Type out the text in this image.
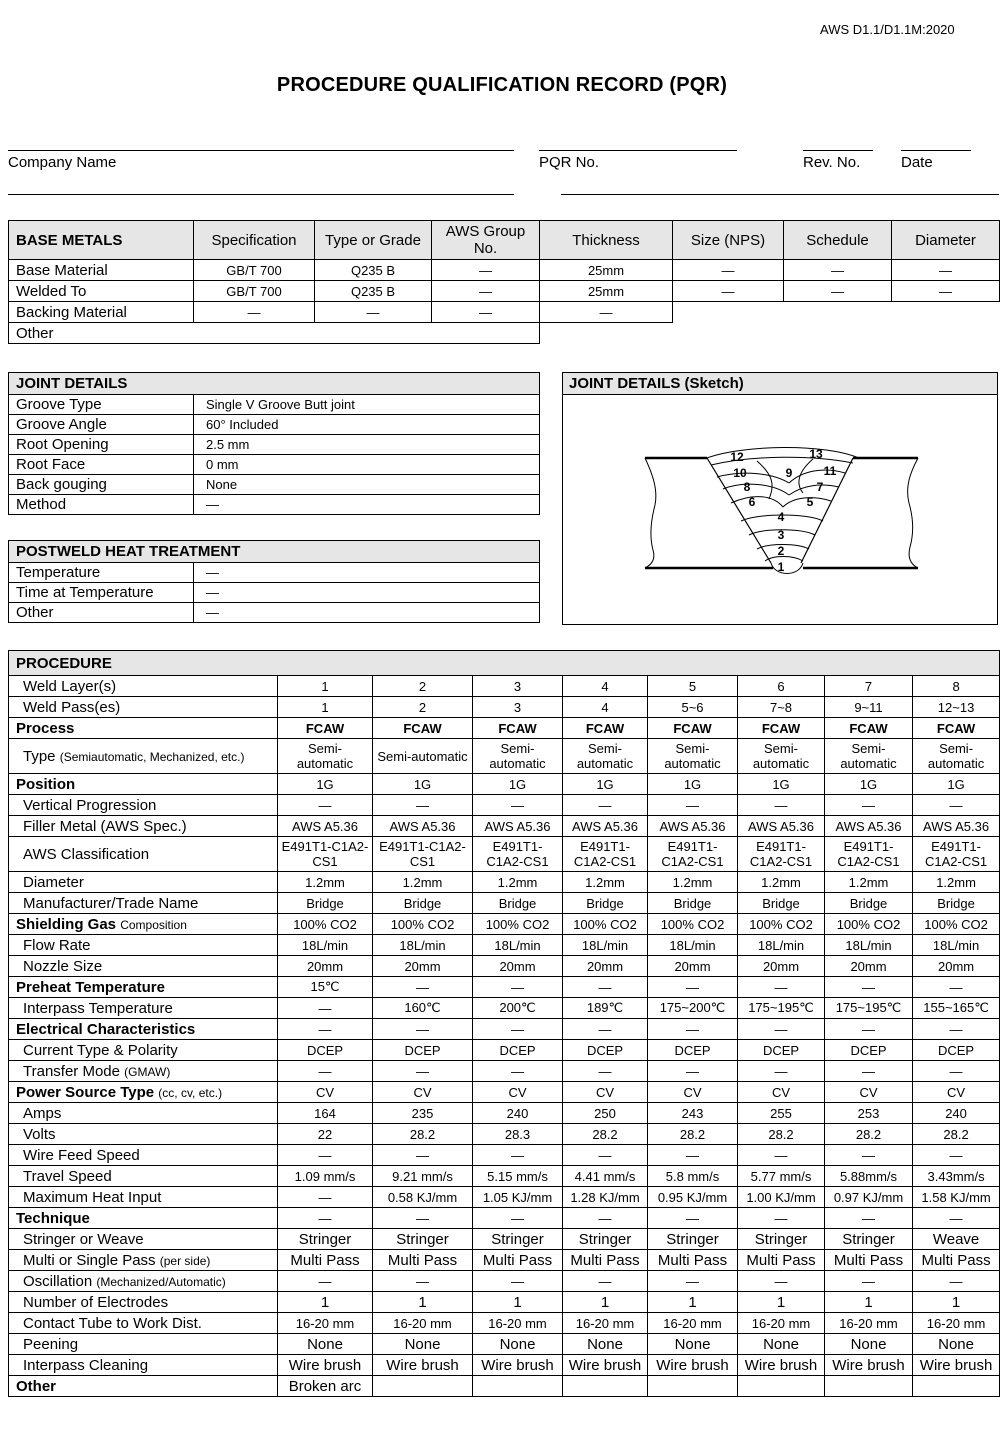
AWS D1.1/D1.1M:2020
PROCEDURE QUALIFICATION RECORD (PQR)
Company Name	PQR No.	Rev. No.	Date
BASE METALS	Specification	Type or Grade	AWS Group No.	Thickness	Size (NPS)	Schedule	Diameter
Base Material	GB/T 700	Q235 B	—	25mm	—	—	—
Welded To	GB/T 700	Q235 B	—	25mm	—	—	—
Backing Material	—	—	—	—			
Other							
JOINT DETAILS	
Groove Type	Single V Groove Butt joint
Groove Angle	60° Included
Root Opening	2.5 mm
Root Face	0 mm
Back gouging	None
Method	—
POSTWELD HEAT TREATMENT	
Temperature	—
Time at Temperature	—
Other	—
JOINT DETAILS (Sketch)
1
2
3
4
5
6
7
8
9
10	11
12	13
PROCEDURE								
Weld Layer(s)	1	2	3	4	5	6	7	8
Weld Pass(es)	1	2	3	4	5~6	7~8	9~11	12~13
Process	FCAW	FCAW	FCAW	FCAW	FCAW	FCAW	FCAW	FCAW
Type (Semiautomatic, Mechanized, etc.)	Semi-automatic	Semi-automatic	Semi-automatic	Semi-automatic	Semi-automatic	Semi-automatic	Semi-automatic	Semi-automatic
Position	1G	1G	1G	1G	1G	1G	1G	1G
Vertical Progression	—	—	—	—	—	—	—	—
Filler Metal (AWS Spec.)	AWS A5.36	AWS A5.36	AWS A5.36	AWS A5.36	AWS A5.36	AWS A5.36	AWS A5.36	AWS A5.36
AWS Classification	E491T1-C1A2-CS1	E491T1-C1A2-CS1	E491T1-C1A2-CS1	E491T1-C1A2-CS1	E491T1-C1A2-CS1	E491T1-C1A2-CS1	E491T1-C1A2-CS1	E491T1-C1A2-CS1
Diameter	1.2mm	1.2mm	1.2mm	1.2mm	1.2mm	1.2mm	1.2mm	1.2mm
Manufacturer/Trade Name	Bridge	Bridge	Bridge	Bridge	Bridge	Bridge	Bridge	Bridge
Shielding Gas Composition	100% CO2	100% CO2	100% CO2	100% CO2	100% CO2	100% CO2	100% CO2	100% CO2
Flow Rate	18L/min	18L/min	18L/min	18L/min	18L/min	18L/min	18L/min	18L/min
Nozzle Size	20mm	20mm	20mm	20mm	20mm	20mm	20mm	20mm
Preheat Temperature	15℃	—	—	—	—	—	—	—
Interpass Temperature	—	160℃	200℃	189℃	175~200℃	175~195℃	175~195℃	155~165℃
Electrical Characteristics	—	—	—	—	—	—	—	—
Current Type & Polarity	DCEP	DCEP	DCEP	DCEP	DCEP	DCEP	DCEP	DCEP
Transfer Mode (GMAW)	—	—	—	—	—	—	—	—
Power Source Type (cc, cv, etc.)	CV	CV	CV	CV	CV	CV	CV	CV
Amps	164	235	240	250	243	255	253	240
Volts	22	28.2	28.3	28.2	28.2	28.2	28.2	28.2
Wire Feed Speed	—	—	—	—	—	—	—	—
Travel Speed	1.09 mm/s	9.21 mm/s	5.15 mm/s	4.41 mm/s	5.8 mm/s	5.77 mm/s	5.88mm/s	3.43mm/s
Maximum Heat Input	—	0.58 KJ/mm	1.05 KJ/mm	1.28 KJ/mm	0.95 KJ/mm	1.00 KJ/mm	0.97 KJ/mm	1.58 KJ/mm
Technique	—	—	—	—	—	—	—	—
Stringer or Weave	Stringer	Stringer	Stringer	Stringer	Stringer	Stringer	Stringer	Weave
Multi or Single Pass (per side)	Multi Pass	Multi Pass	Multi Pass	Multi Pass	Multi Pass	Multi Pass	Multi Pass	Multi Pass
Oscillation (Mechanized/Automatic)	—	—	—	—	—	—	—	—
Number of Electrodes	1	1	1	1	1	1	1	1
Contact Tube to Work Dist.	16-20 mm	16-20 mm	16-20 mm	16-20 mm	16-20 mm	16-20 mm	16-20 mm	16-20 mm
Peening	None	None	None	None	None	None	None	None
Interpass Cleaning	Wire brush	Wire brush	Wire brush	Wire brush	Wire brush	Wire brush	Wire brush	Wire brush
Other	Broken arc							
